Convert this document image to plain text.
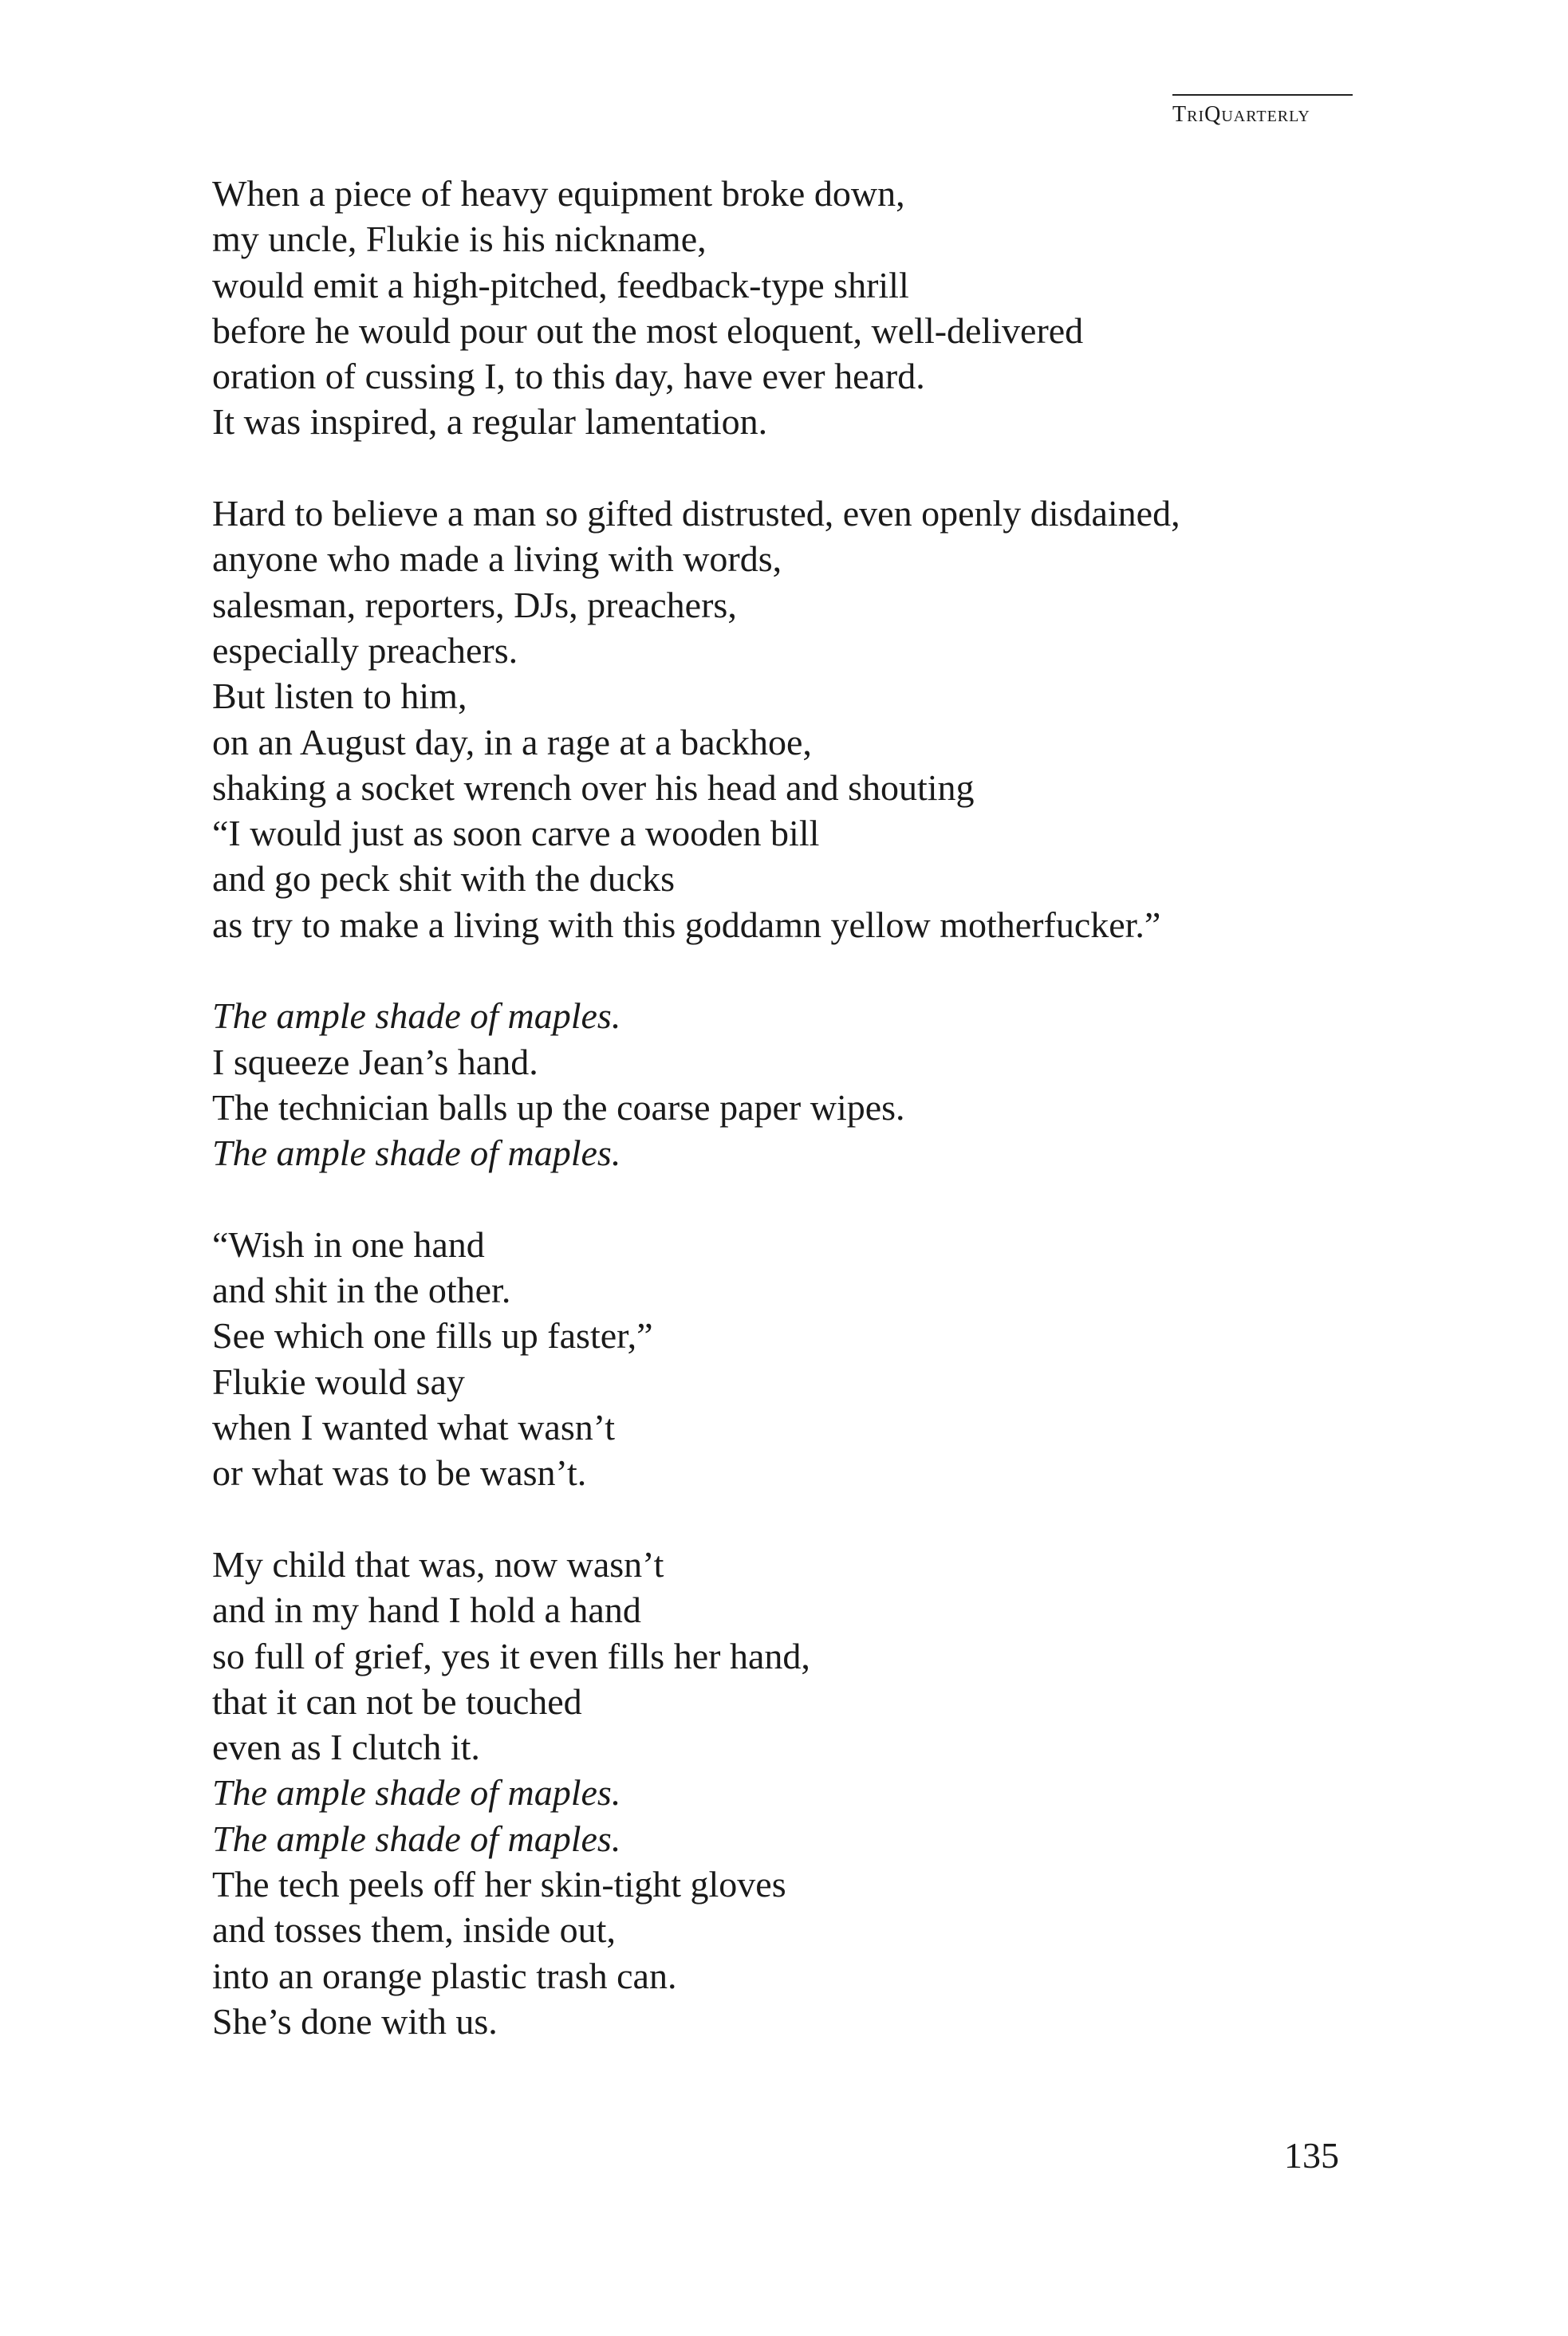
TriQuarterly
When a piece of heavy equipment broke down,
my uncle, Flukie is his nickname,
would emit a high-pitched, feedback-type shrill
before he would pour out the most eloquent, well-delivered
oration of cussing I, to this day, have ever heard.
It was inspired, a regular lamentation.
Hard to believe a man so gifted distrusted, even openly disdained,
anyone who made a living with words,
salesman, reporters, DJs, preachers,
especially preachers.
But listen to him,
on an August day, in a rage at a backhoe,
shaking a socket wrench over his head and shouting
“I would just as soon carve a wooden bill
and go peck shit with the ducks
as try to make a living with this goddamn yellow motherfucker.”
The ample shade of maples.
I squeeze Jean’s hand.
The technician balls up the coarse paper wipes.
The ample shade of maples.
“Wish in one hand
and shit in the other.
See which one fills up faster,”
Flukie would say
when I wanted what wasn’t
or what was to be wasn’t.
My child that was, now wasn’t
and in my hand I hold a hand
so full of grief, yes it even fills her hand,
that it can not be touched
even as I clutch it.
The ample shade of maples.
The ample shade of maples.
The tech peels off her skin-tight gloves
and tosses them, inside out,
into an orange plastic trash can.
She’s done with us.
135
